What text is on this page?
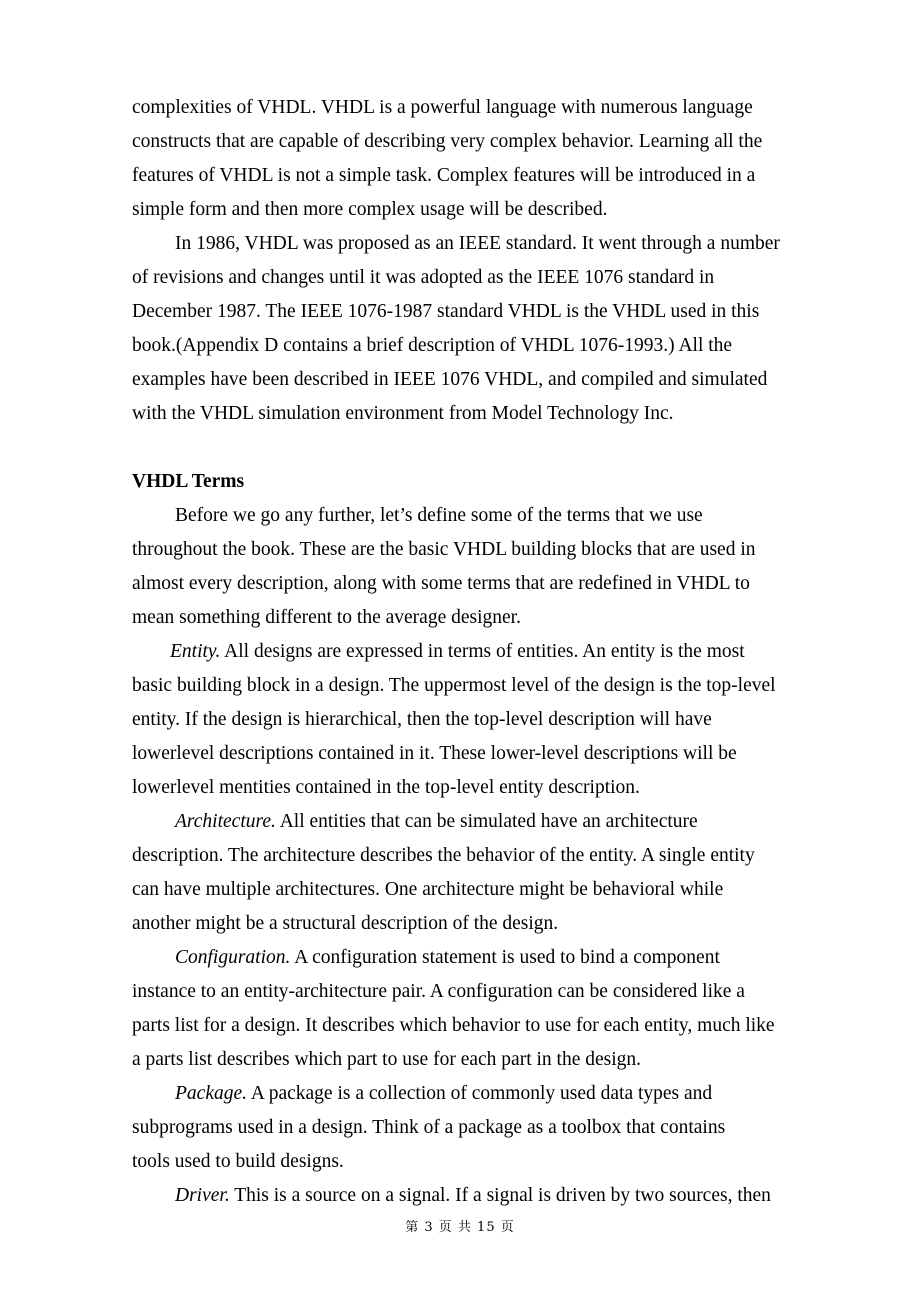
complexities of VHDL. VHDL is a powerful language with numerous language
constructs that are capable of describing very complex behavior. Learning all the
features of VHDL is not a simple task. Complex features will be introduced in a
simple form and then more complex usage will be described.
In 1986, VHDL was proposed as an IEEE standard. It went through a number
of revisions and changes until it was adopted as the IEEE 1076 standard in
December 1987. The IEEE 1076-1987 standard VHDL is the VHDL used in this
book.(Appendix D contains a brief description of VHDL 1076-1993.) All the
examples have been described in IEEE 1076 VHDL, and compiled and simulated
with the VHDL simulation environment from Model Technology Inc.
VHDL Terms
Before we go any further, let’s define some of the terms that we use
throughout the book. These are the basic VHDL building blocks that are used in
almost every description, along with some terms that are redefined in VHDL to
mean something different to the average designer.
Entity. All designs are expressed in terms of entities. An entity is the most
basic building block in a design. The uppermost level of the design is the top-level
entity. If the design is hierarchical, then the top-level description will have
lowerlevel descriptions contained in it. These lower-level descriptions will be
lowerlevel mentities contained in the top-level entity description.
Architecture. All entities that can be simulated have an architecture
description. The architecture describes the behavior of the entity. A single entity
can have multiple architectures. One architecture might be behavioral while
another might be a structural description of the design.
Configuration. A configuration statement is used to bind a component
instance to an entity-architecture pair. A configuration can be considered like a
parts list for a design. It describes which behavior to use for each entity, much like
a parts list describes which part to use for each part in the design.
Package. A package is a collection of commonly used data types and
subprograms used in a design. Think of a package as a toolbox that contains
tools used to build designs.
Driver. This is a source on a signal. If a signal is driven by two sources, then
第 3 页 共 15 页
